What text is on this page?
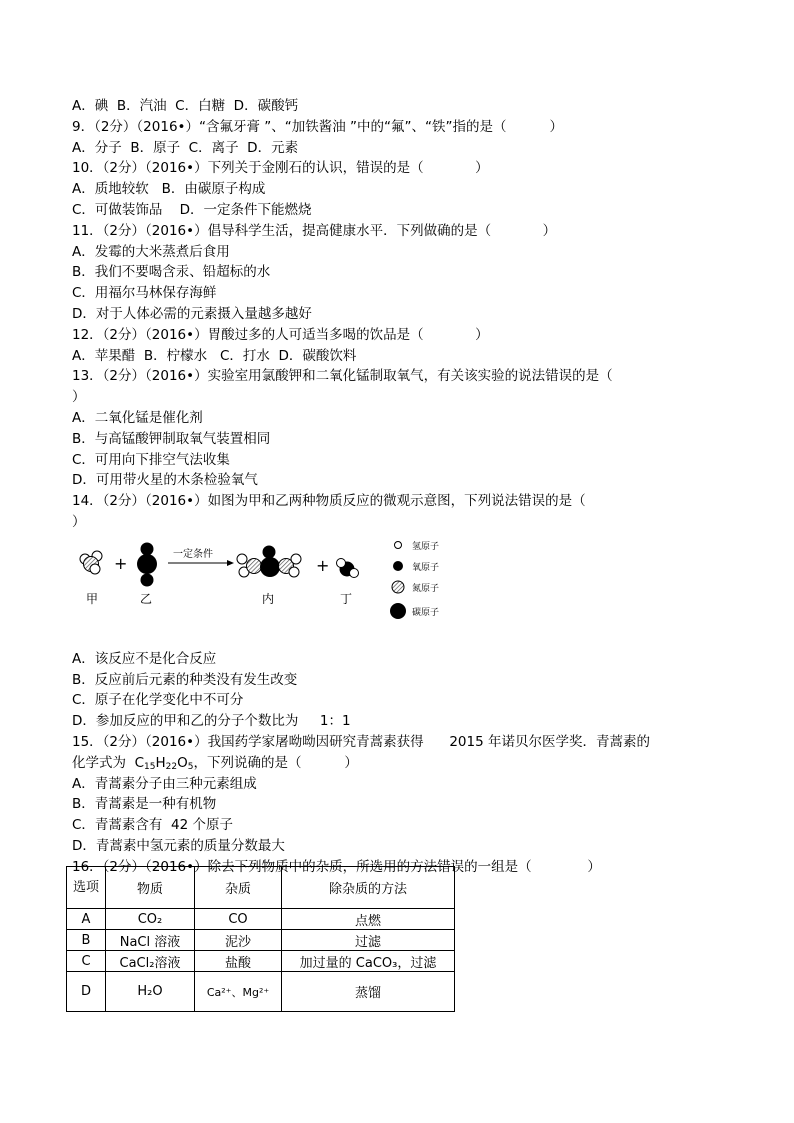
A．碘  B．汽油  C．白糖  D．碳酸钙
9．（2分）（2016•）“含氟牙膏 ”、“加铁酱油 ”中的“氟”、“铁”指的是（          ）
A．分子  B．原子  C．离子  D．元素
10．（2分）（2016•）下列关于金刚石的认识，错误的是（            ）
A．质地较软   B．由碳原子构成
C．可做装饰品    D．一定条件下能燃烧
11．（2分）（2016•）倡导科学生活，提高健康水平．下列做确的是（            ）
A．发霉的大米蒸煮后食用
B．我们不要喝含汞、铅超标的水
C．用福尔马林保存海鲜
D．对于人体必需的元素摄入量越多越好
12．（2分）（2016•）胃酸过多的人可适当多喝的饮品是（            ）
A．苹果醋  B．柠檬水   C．打水  D．碳酸饮料
13．（2分）（2016•）实验室用氯酸钾和二氧化锰制取氧气，有关该实验的说法错误的是（
）
A．二氧化锰是催化剂
B．与高锰酸钾制取氧气装置相同
C．可用向下排空气法收集
D．可用带火星的木条检验氧气
14．（2分）（2016•）如图为甲和乙两种物质反应的微观示意图，下列说法错误的是（
）
+	一定条件
+
甲	乙	内	丁
氢原子
氧原子
氮原子
碳原子
A．该反应不是化合反应
B．反应前后元素的种类没有发生改变
C．原子在化学变化中不可分
D．参加反应的甲和乙的分子个数比为     1：1
15．（2分）（2016•）我国药学家屠呦呦因研究青蒿素获得      2015 年诺贝尔医学奖．青蒿素的
化学式为  $C_{15}H_{22}O_5$，下列说确的是（          ）
A．青蒿素分子由三种元素组成
B．青蒿素是一种有机物
C．青蒿素含有  42 个原子
D．青蒿素中氢元素的质量分数最大
16．（2分）（2016•）除去下列物质中的杂质，所选用的方法错误的一组是（             ）
选项	物质	杂质	除杂质的方法
A	CO₂	CO	点燃
B	NaCl 溶液	泥沙	过滤
C	CaCl₂溶液	盐酸	加过量的 CaCO₃，过滤
D	H₂O	Ca²⁺、Mg²⁺	蒸馏
